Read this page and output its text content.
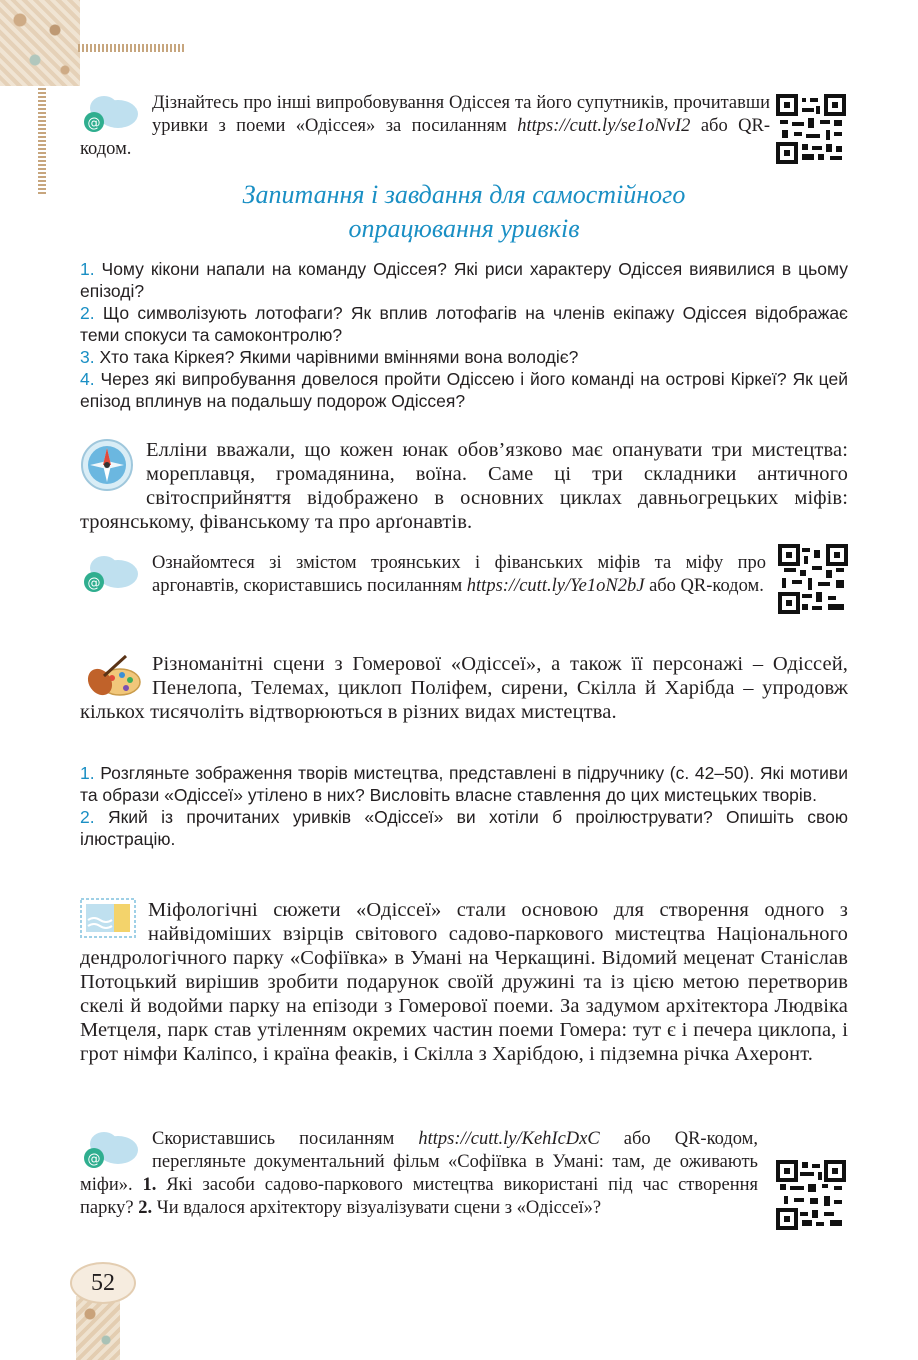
52
@

Дізнайтесь про інші випробовування Одіссея та його супутників, прочитавши уривки з поеми «Одіссея» за посиланням https://cutt.ly/se1oNvI2 або QR-кодом.

Запитання і завдання для самостійного
опрацювання уривків

1. Чому кікони напали на команду Одіссея? Які риси характеру Одіссея виявилися в цьому епізоді?

2. Що символізують лотофаги? Як вплив лотофагів на членів екіпажу Одіссея відображає теми спокуси та самоконтролю?

3. Хто така Кіркея? Якими чарівними вміннями вона володіє?

4. Через які випробування довелося пройти Одіссею і його команді на острові Кіркеї? Як цей епізод вплинув на подальшу подорож Одіссея?

Елліни вважали, що кожен юнак обов’язково має опанувати три мистецтва: мореплавця, громадянина, воїна. Саме ці три складники античного світосприйняття відображено в основних циклах давньогрецьких міфів: троянському, фіванському та про арґонавтів.

@

Ознайомтеся зі змістом троянських і фіванських міфів та міфу про аргонавтів, скориставшись посиланням https://cutt.ly/Ye1oN2bJ або QR-кодом.

Різноманітні сцени з Гомерової «Одіссеї», а також її персонажі – Одіссей, Пенелопа, Телемах, циклоп Поліфем, сирени, Скілла й Харібда – упродовж кількох тисячоліть відтворюються в різних видах мистецтва.

1. Розгляньте зображення творів мистецтва, представлені в підручнику (с. 42–50). Які мотиви та образи «Одіссеї» утілено в них? Висловіть власне ставлення до цих мистецьких творів.

2. Який із прочитаних уривків «Одіссеї» ви хотіли б проілюструвати? Опишіть свою ілюстрацію.

Міфологічні сюжети «Одіссеї» стали основою для створення одного з найвідоміших взірців світового садово-паркового мистецтва Національного дендрологічного парку «Софіївка» в Умані на Черкащині. Відомий меценат Станіслав Потоцький вирішив зробити подарунок своїй дружині та із цією метою перетворив скелі й водойми парку на епізоди з Гомерової поеми. За задумом архітектора Людвіка Метцеля, парк став утіленням окремих частин поеми Гомера: тут є і печера циклопа, і грот німфи Каліпсо, і країна феаків, і Скілла з Харібдою, і підземна річка Ахеронт.

@

Скориставшись посиланням https://cutt.ly/KehIcDxC або QR-кодом, перегляньте документальний фільм «Софіївка в Умані: там, де оживають міфи». 1. Які засоби садово-паркового мистецтва використані під час створення парку? 2. Чи вдалося архітектору візуалізувати сцени з «Одіссеї»?
